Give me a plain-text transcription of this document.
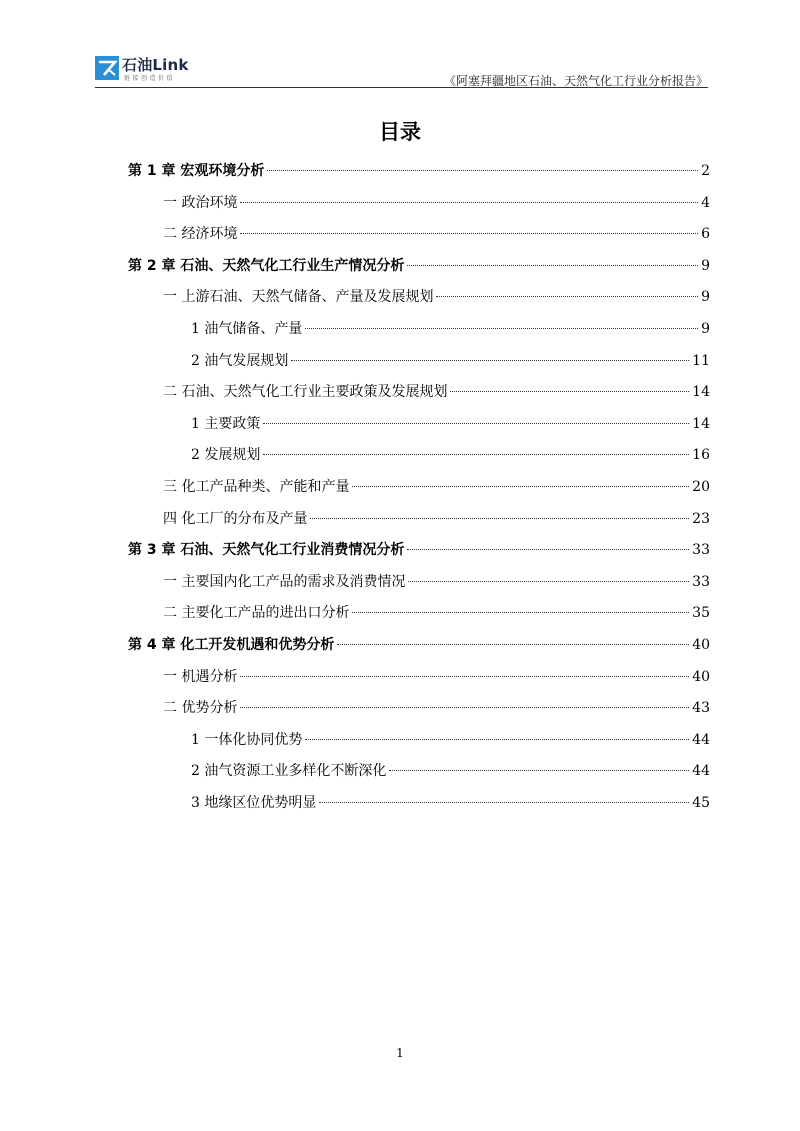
石油Link
链接创造价值	《阿塞拜疆地区石油、天然气化工行业分析报告》
目录
第 1 章 宏观环境分析	2
一 政治环境	4
二 经济环境	6
第 2 章 石油、天然气化工行业生产情况分析	9
一 上游石油、天然气储备、产量及发展规划	9
1 油气储备、产量	9
2 油气发展规划	11
二 石油、天然气化工行业主要政策及发展规划	14
1 主要政策	14
2 发展规划	16
三 化工产品种类、产能和产量	20
四 化工厂的分布及产量	23
第 3 章 石油、天然气化工行业消费情况分析	33
一 主要国内化工产品的需求及消费情况	33
二 主要化工产品的进出口分析	35
第 4 章 化工开发机遇和优势分析	40
一 机遇分析	40
二 优势分析	43
1 一体化协同优势	44
2 油气资源工业多样化不断深化	44
3 地缘区位优势明显	45
1
